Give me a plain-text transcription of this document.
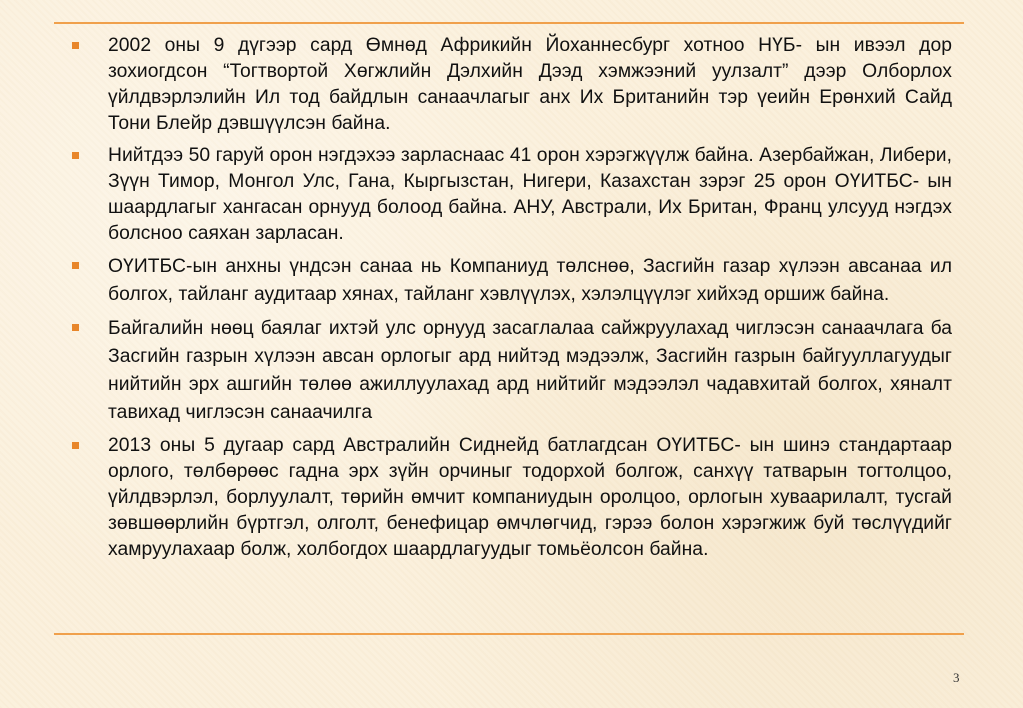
2002 оны 9 дүгээр сард Өмнөд Африкийн Йоханнесбург хотноо НҮБ- ын ивээл дор зохиогдсон “Тогтвортой Хөгжлийн Дэлхийн Дээд хэмжээний уулзалт” дээр Олборлох үйлдвэрлэлийн Ил тод байдлын санаачлагыг анх Их Британийн тэр үеийн Ерөнхий Сайд Тони Блейр дэвшүүлсэн байна.
Нийтдээ 50 гаруй орон нэгдэхээ зарласнаас 41 орон хэрэгжүүлж байна. Азербайжан, Либери, Зүүн Тимор, Монгол Улс, Гана, Кыргызстан, Нигери, Казахстан зэрэг 25 орон ОҮИТБС- ын шаардлагыг хангасан орнууд болоод байна. АНУ, Австрали, Их Британ, Франц улсууд нэгдэх болсноо саяхан зарласан.
ОҮИТБС-ын анхны үндсэн санаа нь Компаниуд төлснөө, Засгийн газар хүлээн авсанаа ил болгох, тайланг аудитаар хянах, тайланг хэвлүүлэх, хэлэлцүүлэг хийхэд оршиж байна.
Байгалийн нөөц баялаг ихтэй улс орнууд засаглалаа сайжруулахад чиглэсэн санаачлага ба Засгийн газрын хүлээн авсан орлогыг ард нийтэд мэдээлж, Засгийн газрын байгууллагуудыг нийтийн эрх ашгийн төлөө ажиллуулахад ард нийтийг мэдээлэл чадавхитай болгох, хяналт тавихад чиглэсэн санаачилга
2013 оны 5 дугаар сард Австралийн Сиднейд батлагдсан ОҮИТБС- ын шинэ стандартаар орлого, төлбөрөөс гадна эрх зүйн орчиныг тодорхой болгож, санхүү татварын тогтолцоо, үйлдвэрлэл, борлуулалт, төрийн өмчит компаниудын оролцоо, орлогын хуваарилалт, тусгай зөвшөөрлийн бүртгэл, олголт, бенефицар өмчлөгчид, гэрээ болон хэрэгжиж буй төслүүдийг хамруулахаар болж, холбогдох шаардлагуудыг томьёолсон байна.
3
